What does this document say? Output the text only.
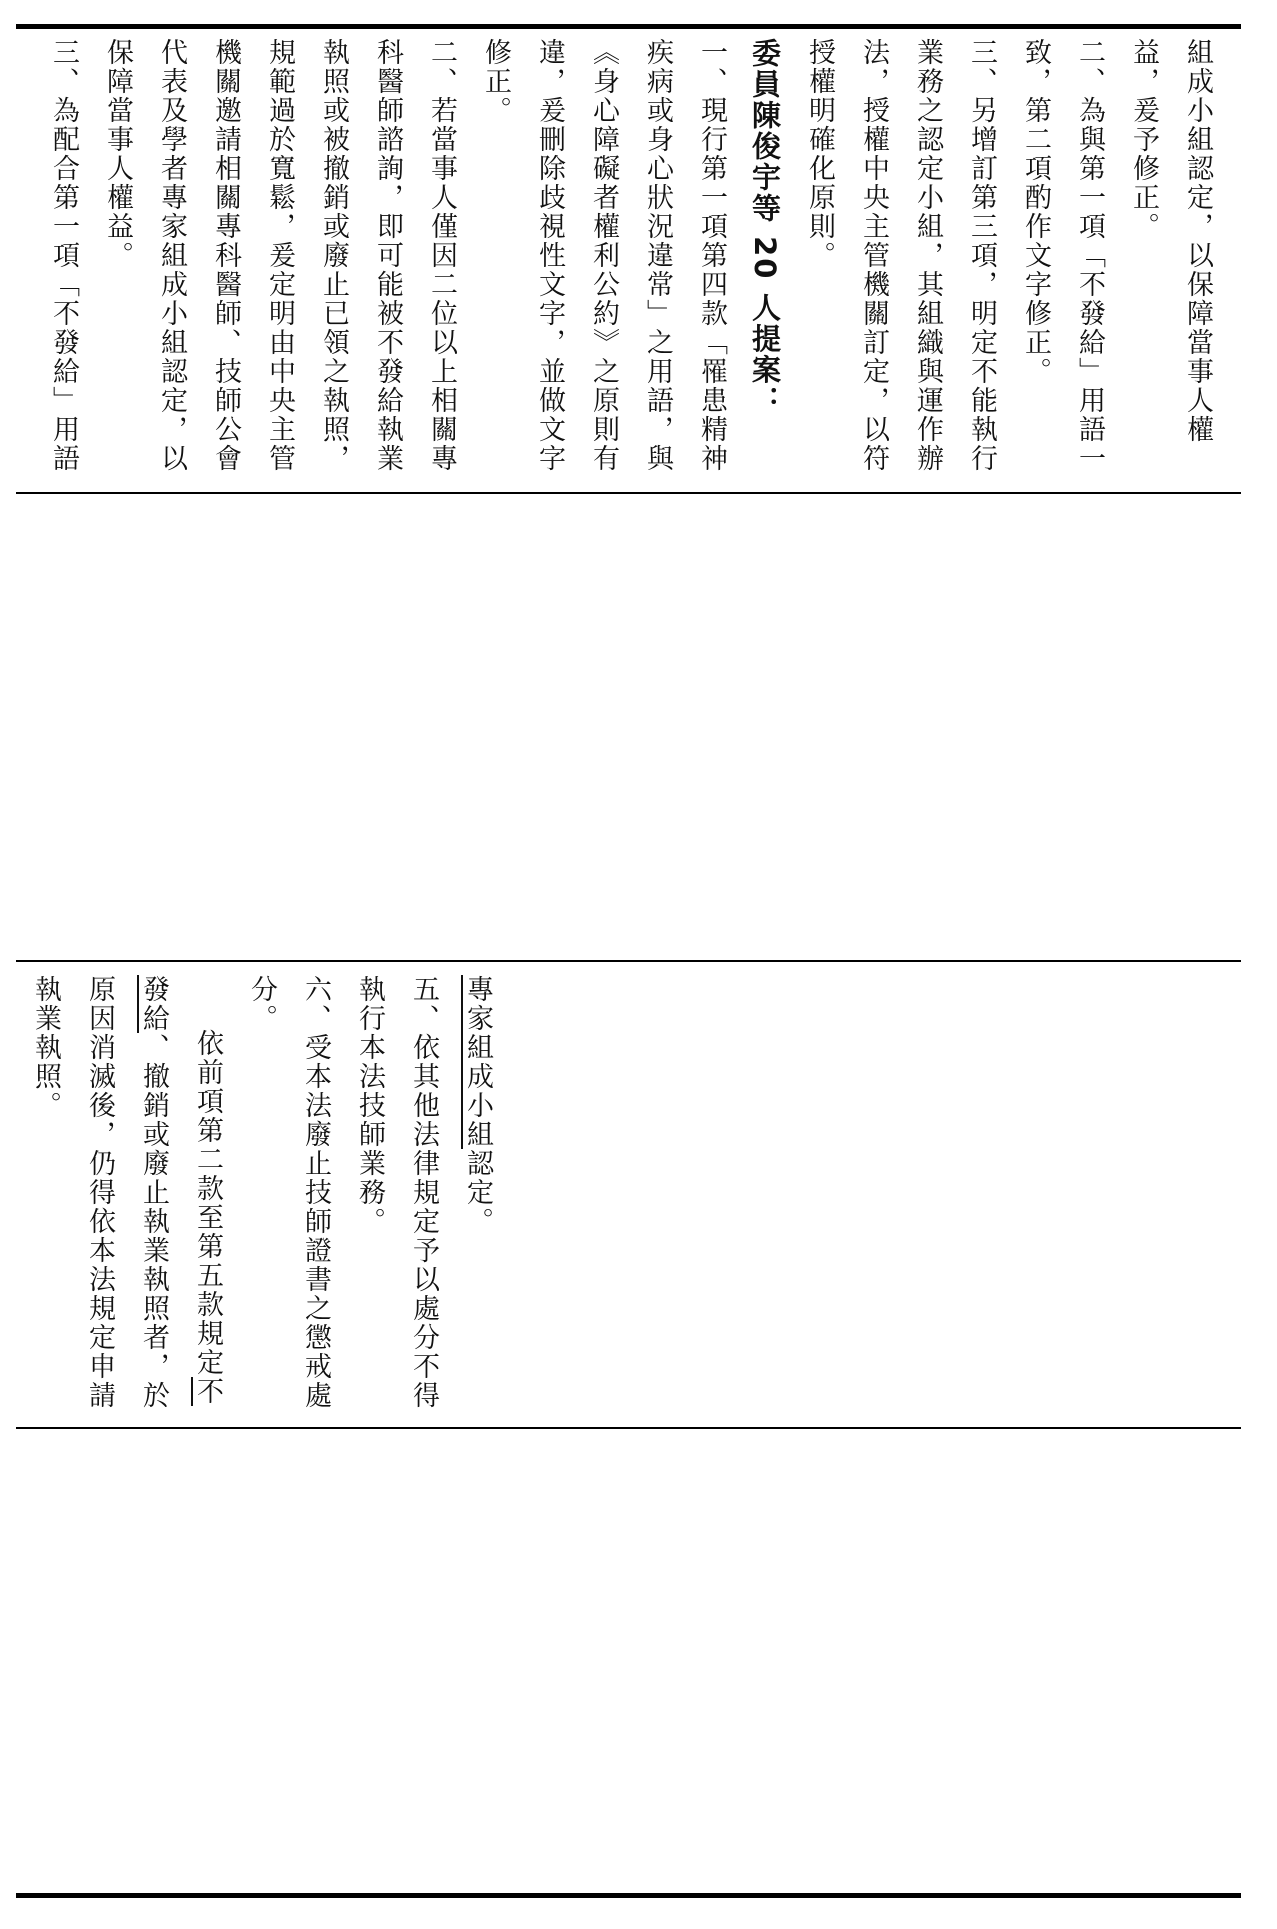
組成小組認定，以保障當事人權益，爰予修正。

二、為與第一項「不發給」用語一致，第二項酌作文字修正。

三、另增訂第三項，明定不能執行業務之認定小組，其組織與運作辦法，授權中央主管機關訂定，以符授權明確化原則。

委員陳俊宇等 20 人提案：

一、現行第一項第四款「罹患精神疾病或身心狀況違常」之用語，與《身心障礙者權利公約》之原則有違，爰刪除歧視性文字，並做文字修正。

二、若當事人僅因二位以上相關專科醫師諮詢，即可能被不發給執業執照或被撤銷或廢止已領之執照，規範過於寬鬆，爰定明由中央主管機關邀請相關專科醫師、技師公會代表及學者專家組成小組認定，以保障當事人權益。

三、為配合第一項「不發給」用語

專家組成小組認定。

五、依其他法律規定予以處分不得執行本法技師業務。

六、受本法廢止技師證書之懲戒處分。

依前項第二款至第五款規定不發給、撤銷或廢止執業執照者，於原因消滅後，仍得依本法規定申請執業執照。
